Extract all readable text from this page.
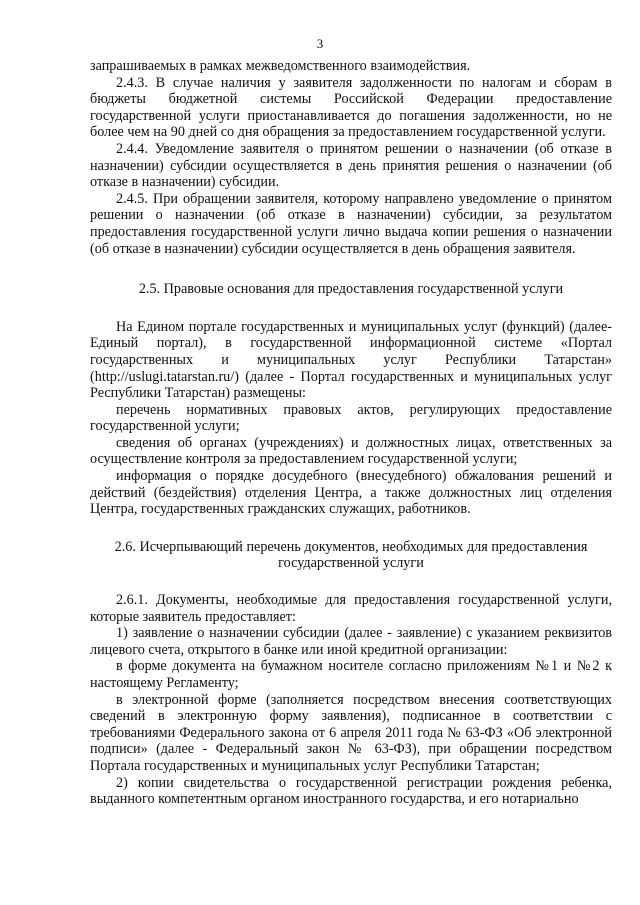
3

запрашиваемых в рамках межведомственного взаимодействия.

2.4.3. В случае наличия у заявителя задолженности по налогам и сборам в бюджеты бюджетной системы Российской Федерации предоставление государственной услуги приостанавливается до погашения задолженности, но не более чем на 90 дней со дня обращения за предоставлением государственной услуги.

2.4.4. Уведомление заявителя о принятом решении о назначении (об отказе в назначении) субсидии осуществляется в день принятия решения о назначении (об отказе в назначении) субсидии.

2.4.5. При обращении заявителя, которому направлено уведомление о принятом решении о назначении (об отказе в назначении) субсидии, за результатом предоставления государственной услуги лично выдача копии решения о назначении (об отказе в назначении) субсидии осуществляется в день обращения заявителя.

2.5. Правовые основания для предоставления государственной услуги

На Едином портале государственных и муниципальных услуг (функций) (далее- Единый портал), в государственной информационной системе «Портал государственных и муниципальных услуг Республики Татарстан» (http://uslugi.tatarstan.ru/) (далее - Портал государственных и муниципальных услуг Республики Татарстан) размещены:

перечень нормативных правовых актов, регулирующих предоставление государственной услуги;

сведения об органах (учреждениях) и должностных лицах, ответственных за осуществление контроля за предоставлением государственной услуги;

информация о порядке досудебного (внесудебного) обжалования решений и действий (бездействия) отделения Центра, а также должностных лиц отделения Центра, государственных гражданских служащих, работников.

2.6. Исчерпывающий перечень документов, необходимых для предоставления
государственной услуги

2.6.1. Документы, необходимые для предоставления государственной услуги, которые заявитель предоставляет:

1) заявление о назначении субсидии (далее - заявление) с указанием реквизитов лицевого счета, открытого в банке или иной кредитной организации:

в форме документа на бумажном носителе согласно приложениям №1 и №2 к настоящему Регламенту;

в электронной форме (заполняется посредством внесения соответствующих сведений в электронную форму заявления), подписанное в соответствии с требованиями Федерального закона от 6 апреля 2011 года № 63-ФЗ «Об электронной подписи» (далее - Федеральный закон № 63-ФЗ), при обращении посредством Портала государственных и муниципальных услуг Республики Татарстан;

2) копии свидетельства о государственной регистрации рождения ребенка, выданного компетентным органом иностранного государства, и его нотариально
